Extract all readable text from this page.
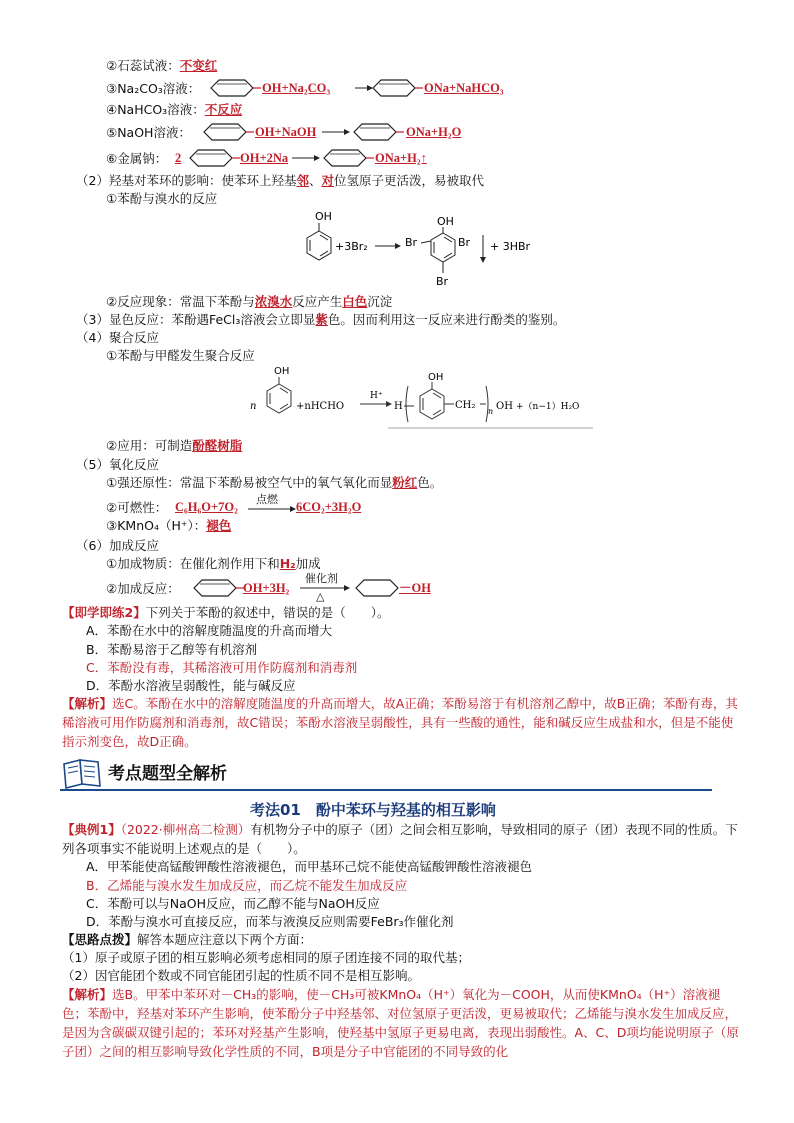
②石蕊试液：不变红
③Na₂CO₃溶液：	OH+Na₂CO₃	ONa+NaHCO₃
④NaHCO₃溶液：不反应
⑤NaOH溶液：	OH+NaOH	ONa+H₂O
⑥金属钠： 2	OH+2Na	ONa+H₂↑
（2）羟基对苯环的影响：使苯环上羟基邻、对位氢原子更活泼，易被取代
①苯酚与溴水的反应
OH
+3Br₂
OH
Br	Br
Br
+ 3HBr
②反应现象：常温下苯酚与浓溴水反应产生白色沉淀
（3）显色反应：苯酚遇FeCl₃溶液会立即显紫色。因而利用这一反应来进行酚类的鉴别。
（4）聚合反应
①苯酚与甲醛发生聚合反应
n
OH
+nHCHO
H⁺
H
OH
CH₂
n OH +（n−1）H₂O
②应用：可制造酚醛树脂
（5）氧化反应
①强还原性：常温下苯酚易被空气中的氧气氧化而显粉红色。
②可燃性： C₆H₆O+7O₂
点燃
6CO₂+3H₂O
③KMnO₄（H⁺）：褪色
（6）加成反应
①加成物质：在催化剂作用下和H₂加成
②加成反应：
催化剂
△
OH+3H₂	－OH
【即学即练2】下列关于苯酚的叙述中，错误的是（　　）。
A．苯酚在水中的溶解度随温度的升高而增大
B．苯酚易溶于乙醇等有机溶剂
C．苯酚没有毒，其稀溶液可用作防腐剂和消毒剂
D．苯酚水溶液呈弱酸性，能与碱反应
【解析】选C。苯酚在水中的溶解度随温度的升高而增大，故A正确；苯酚易溶于有机溶剂乙醇中，故B正确；苯酚有毒，其稀溶液可用作防腐剂和消毒剂，故C错误；苯酚水溶液呈弱酸性，具有一些酸的通性，能和碱反应生成盐和水，但是不能使指示剂变色，故D正确。
考点题型全解析
考法01　酚中苯环与羟基的相互影响
【典例1】（2022·柳州高二检测）有机物分子中的原子（团）之间会相互影响，导致相同的原子（团）表现不同的性质。下列各项事实不能说明上述观点的是（　　）。
A．甲苯能使高锰酸钾酸性溶液褪色，而甲基环己烷不能使高锰酸钾酸性溶液褪色
B．乙烯能与溴水发生加成反应，而乙烷不能发生加成反应
C．苯酚可以与NaOH反应，而乙醇不能与NaOH反应
D．苯酚与溴水可直接反应，而苯与液溴反应则需要FeBr₃作催化剂
【思路点拨】解答本题应注意以下两个方面：
（1）原子或原子团的相互影响必须考虑相同的原子团连接不同的取代基；
（2）因官能团个数或不同官能团引起的性质不同不是相互影响。
【解析】选B。甲苯中苯环对－CH₃的影响，使－CH₃可被KMnO₄（H⁺）氧化为－COOH，从而使KMnO₄（H⁺）溶液褪色；苯酚中，羟基对苯环产生影响，使苯酚分子中羟基邻、对位氢原子更活泼，更易被取代；乙烯能与溴水发生加成反应，是因为含碳碳双键引起的；苯环对羟基产生影响，使羟基中氢原子更易电离，表现出弱酸性。A、C、D项均能说明原子（原子团）之间的相互影响导致化学性质的不同，B项是分子中官能团的不同导致的化
